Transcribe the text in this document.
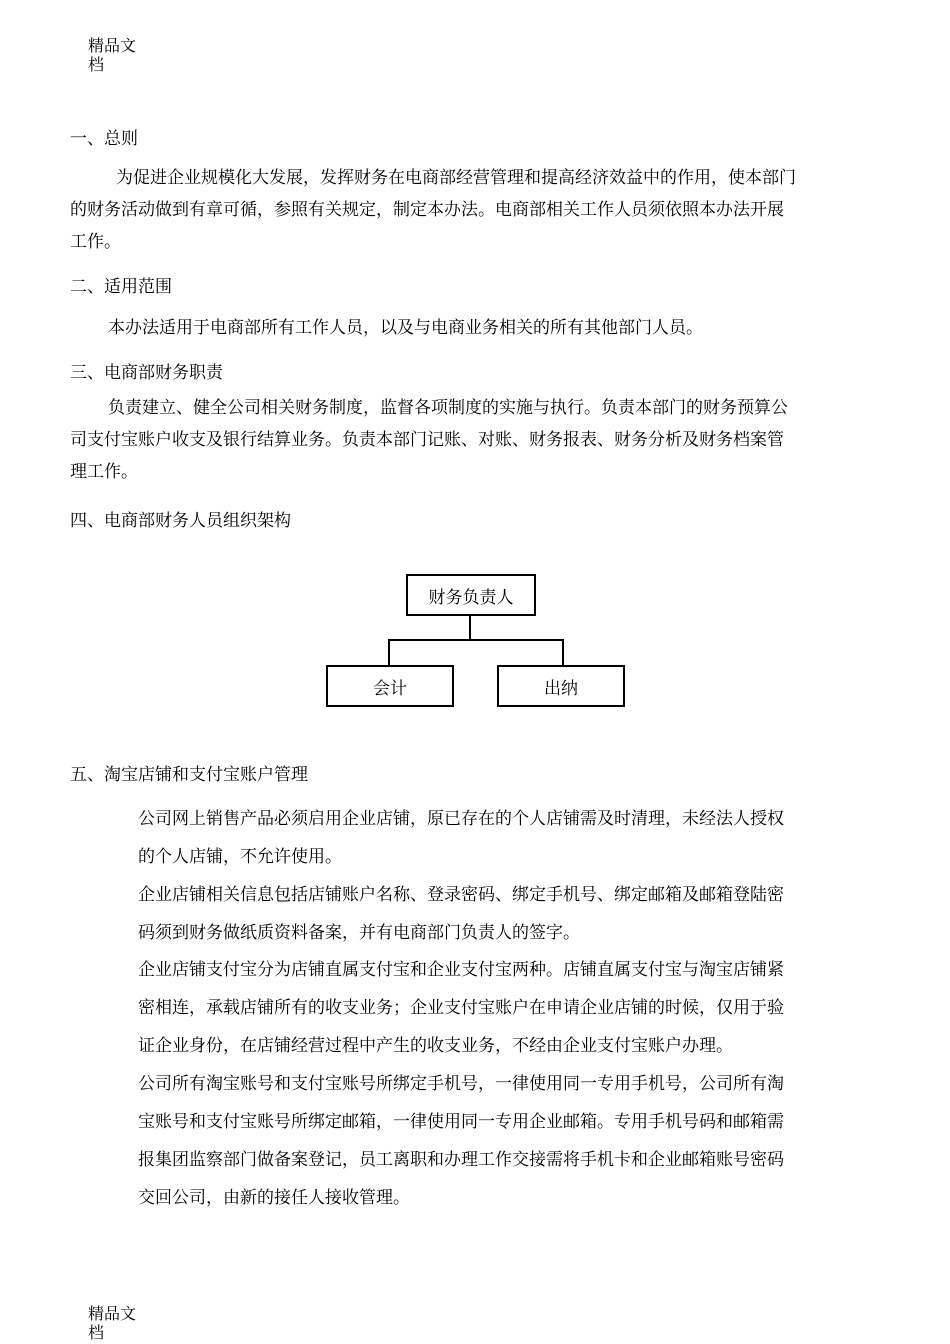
精品文
档
一、总则
为促进企业规模化大发展，发挥财务在电商部经营管理和提高经济效益中的作用，使本部门
的财务活动做到有章可循，参照有关规定，制定本办法。电商部相关工作人员须依照本办法开展
工作。
二、适用范围
本办法适用于电商部所有工作人员，以及与电商业务相关的所有其他部门人员。
三、电商部财务职责
负责建立、健全公司相关财务制度，监督各项制度的实施与执行。负责本部门的财务预算公
司支付宝账户收支及银行结算业务。负责本部门记账、对账、财务报表、财务分析及财务档案管
理工作。
四、电商部财务人员组织架构
财务负责人
会计	出纳
五、淘宝店铺和支付宝账户管理
公司网上销售产品必须启用企业店铺，原已存在的个人店铺需及时清理，未经法人授权
的个人店铺，不允许使用。
企业店铺相关信息包括店铺账户名称、登录密码、绑定手机号、绑定邮箱及邮箱登陆密
码须到财务做纸质资料备案，并有电商部门负责人的签字。
企业店铺支付宝分为店铺直属支付宝和企业支付宝两种。店铺直属支付宝与淘宝店铺紧
密相连，承载店铺所有的收支业务；企业支付宝账户在申请企业店铺的时候，仅用于验
证企业身份，在店铺经营过程中产生的收支业务，不经由企业支付宝账户办理。
公司所有淘宝账号和支付宝账号所绑定手机号，一律使用同一专用手机号，公司所有淘
宝账号和支付宝账号所绑定邮箱，一律使用同一专用企业邮箱。专用手机号码和邮箱需
报集团监察部门做备案登记，员工离职和办理工作交接需将手机卡和企业邮箱账号密码
交回公司，由新的接任人接收管理。
精品文
档
